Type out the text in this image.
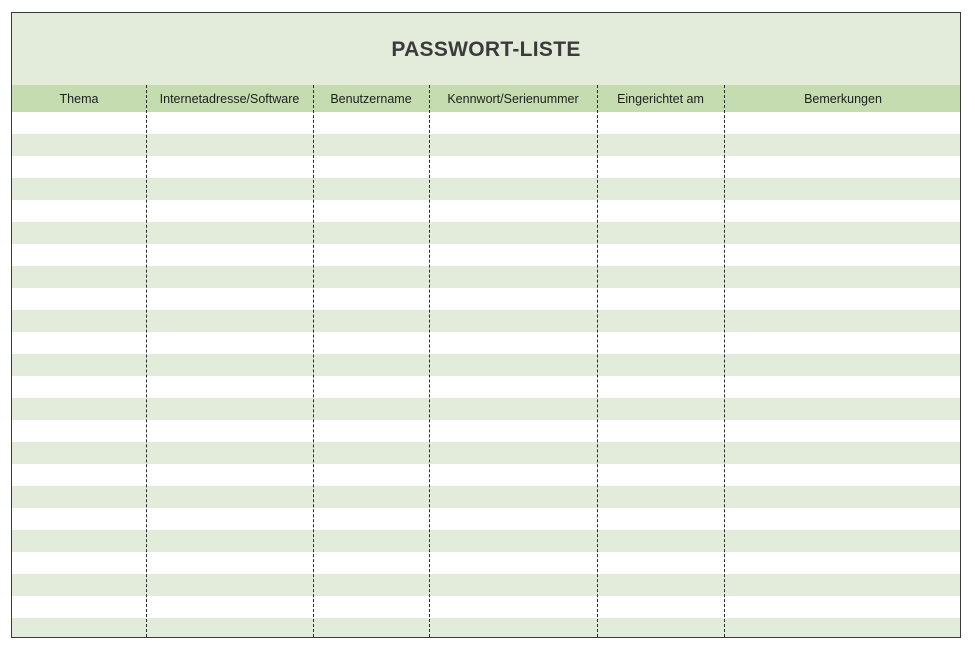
PASSWORT-LISTE
Thema	Internetadresse/Software	Benutzername	Kennwort/Serienummer	Eingerichtet am	Bemerkungen
